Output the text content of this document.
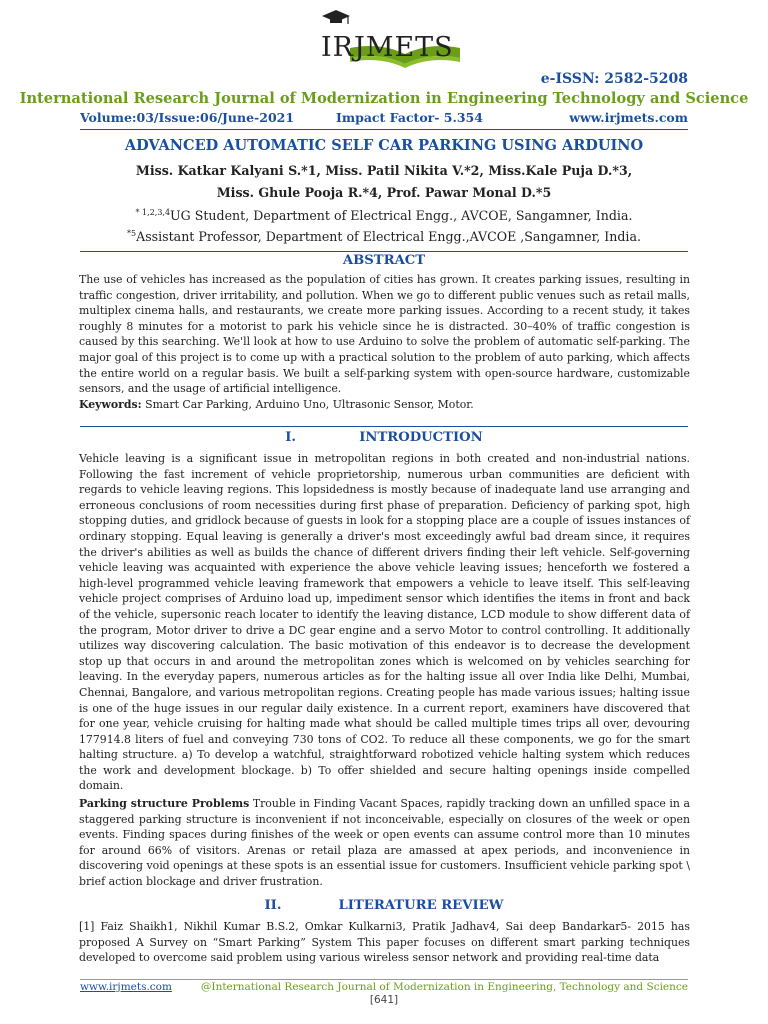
IRJMETS
e-ISSN: 2582-5208
International Research Journal of Modernization in Engineering Technology and Science
Volume:03/Issue:06/June-2021	Impact Factor- 5.354	www.irjmets.com
ADVANCED AUTOMATIC SELF CAR PARKING USING ARDUINO
Miss. Katkar Kalyani S.*1, Miss. Patil Nikita V.*2, Miss.Kale Puja D.*3,
Miss. Ghule Pooja R.*4, Prof. Pawar Monal D.*5
$^{* 1,2,3,4}$UG Student, Department of Electrical Engg., AVCOE, Sangamner, India.
$^{*5}$Assistant Professor, Department of Electrical Engg.,AVCOE ,Sangamner, India.
ABSTRACT

The use of vehicles has increased as the population of cities has grown. It creates parking issues, resulting in traffic congestion, driver irritability, and pollution. When we go to different public venues such as retail malls, multiplex cinema halls, and restaurants, we create more parking issues. According to a recent study, it takes roughly 8 minutes for a motorist to park his vehicle since he is distracted. 30–40% of traffic congestion is caused by this searching. We'll look at how to use Arduino to solve the problem of automatic self-parking. The major goal of this project is to come up with a practical solution to the problem of auto parking, which affects the entire world on a regular basis. We built a self-parking system with open-source hardware, customizable sensors, and the usage of artificial intelligence.

Keywords: Smart Car Parking, Arduino Uno, Ultrasonic Sensor, Motor.

I.	INTRODUCTION

Vehicle leaving is a significant issue in metropolitan regions in both created and non-industrial nations. Following the fast increment of vehicle proprietorship, numerous urban communities are deficient with regards to vehicle leaving regions. This lopsidedness is mostly because of inadequate land use arranging and erroneous conclusions of room necessities during first phase of preparation. Deficiency of parking spot, high stopping duties, and gridlock because of guests in look for a stopping place are a couple of issues instances of ordinary stopping. Equal leaving is generally a driver's most exceedingly awful bad dream since, it requires the driver's abilities as well as builds the chance of different drivers finding their left vehicle. Self-governing vehicle leaving was acquainted with experience the above vehicle leaving issues; henceforth we fostered a high-level programmed vehicle leaving framework that empowers a vehicle to leave itself. This self-leaving vehicle project comprises of Arduino load up, impediment sensor which identifies the items in front and back of the vehicle, supersonic reach locater to identify the leaving distance, LCD module to show different data of the program, Motor driver to drive a DC gear engine and a servo Motor to control controlling. It additionally utilizes way discovering calculation. The basic motivation of this endeavor is to decrease the development stop up that occurs in and around the metropolitan zones which is welcomed on by vehicles searching for leaving. In the everyday papers, numerous articles as for the halting issue all over India like Delhi, Mumbai, Chennai, Bangalore, and various metropolitan regions. Creating people has made various issues; halting issue is one of the huge issues in our regular daily existence. In a current report, examiners have discovered that for one year, vehicle cruising for halting made what should be called multiple times trips all over, devouring 177914.8 liters of fuel and conveying 730 tons of CO2. To reduce all these components, we go for the smart halting structure. a) To develop a watchful, straightforward robotized vehicle halting system which reduces the work and development blockage. b) To offer shielded and secure halting openings inside compelled domain.

Parking structure Problems Trouble in Finding Vacant Spaces, rapidly tracking down an unfilled space in a staggered parking structure is inconvenient if not inconceivable, especially on closures of the week or open events. Finding spaces during finishes of the week or open events can assume control more than 10 minutes for around 66% of visitors. Arenas or retail plaza are amassed at apex periods, and inconvenience in discovering void openings at these spots is an essential issue for customers. Insufficient vehicle parking spot \ brief action blockage and driver frustration.

II.	LITERATURE REVIEW

[1] Faiz Shaikh1, Nikhil Kumar B.S.2, Omkar Kulkarni3, Pratik Jadhav4, Sai deep Bandarkar5- 2015 has proposed A Survey on “Smart Parking” System This paper focuses on different smart parking techniques developed to overcome said problem using various wireless sensor network and providing real-time data

www.irjmets.com	@International Research Journal of Modernization in Engineering, Technology and Science
[641]
